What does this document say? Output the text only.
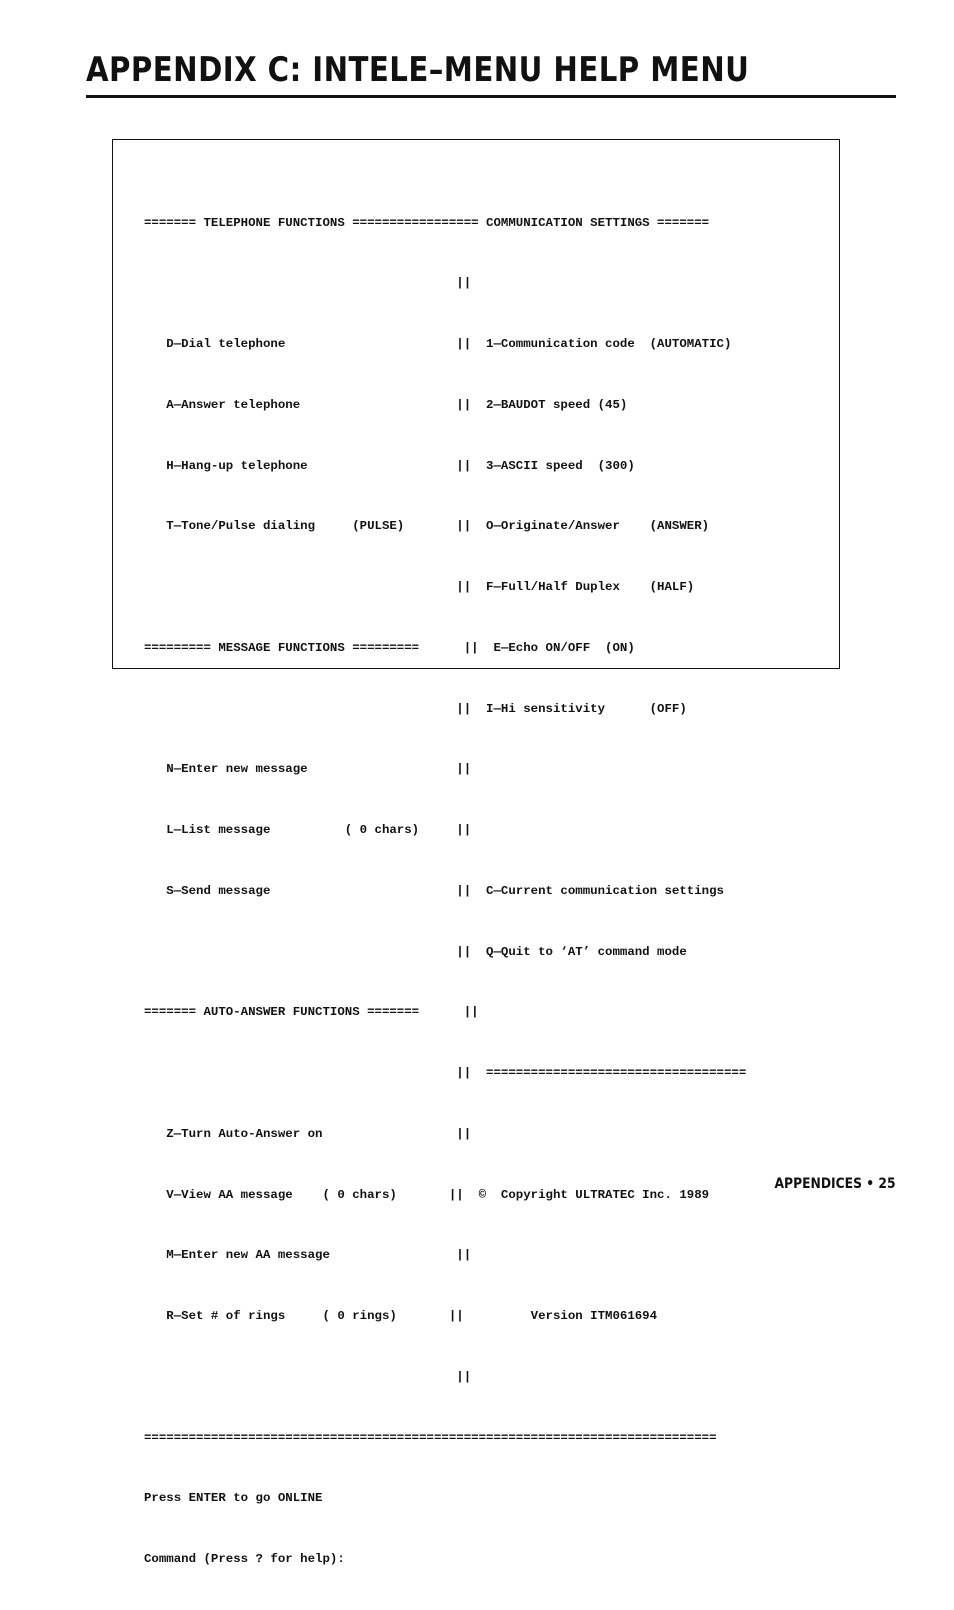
APPENDIX C: INTELE–MENU HELP MENU

======= TELEPHONE FUNCTIONS ================= COMMUNICATION SETTINGS =======

||

D—Dial telephone                       ||  1—Communication code  (AUTOMATIC)

A—Answer telephone                     ||  2—BAUDOT speed (45)

H—Hang-up telephone                    ||  3—ASCII speed  (300)

T—Tone/Pulse dialing     (PULSE)       ||  O—Originate/Answer    (ANSWER)

||  F—Full/Half Duplex    (HALF)

========= MESSAGE FUNCTIONS =========      ||  E—Echo ON/OFF  (ON)

||  I—Hi sensitivity      (OFF)

N—Enter new message                    ||

L—List message          ( 0 chars)     ||

S—Send message                         ||  C—Current communication settings

||  Q—Quit to ‘AT’ command mode

======= AUTO-ANSWER FUNCTIONS =======      ||

||  ===================================

Z—Turn Auto-Answer on                  ||

V—View AA message    ( 0 chars)       ||  ©  Copyright ULTRATEC Inc. 1989

M—Enter new AA message                 ||

R—Set # of rings     ( 0 rings)       ||         Version ITM061694

||

=============================================================================

Press ENTER to go ONLINE

Command (Press ? for help):

APPENDICES • 25
